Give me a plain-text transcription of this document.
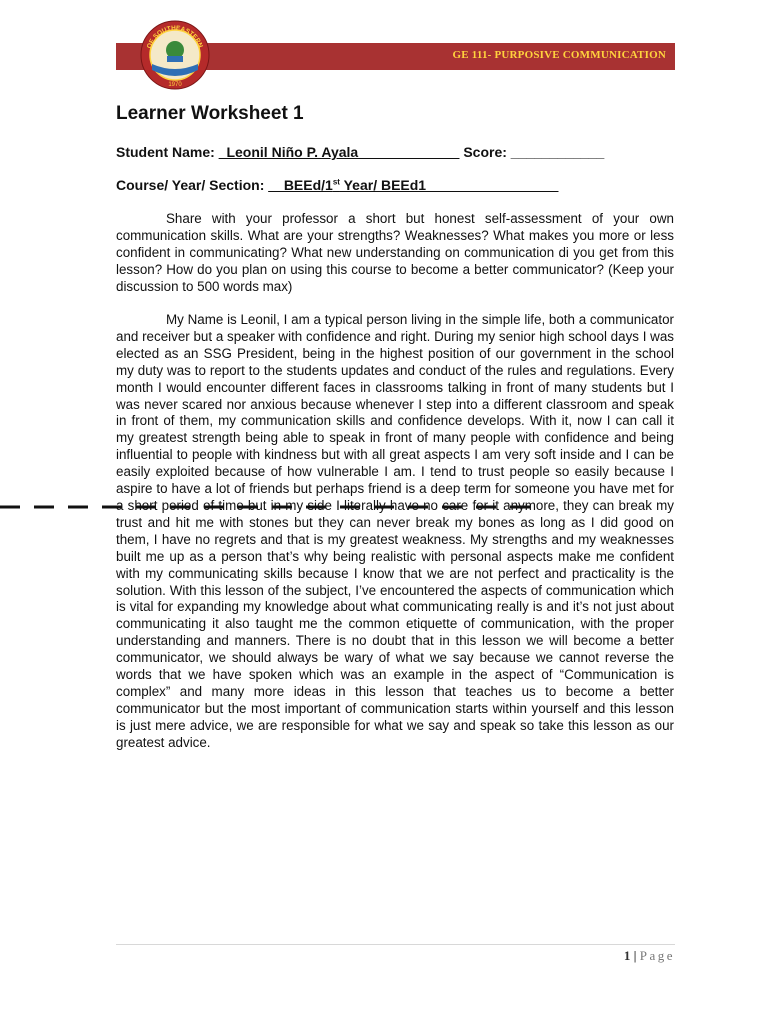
GE 111- PURPOSIVE COMMUNICATION
OF SOUTHEASTERN
1970
Learner Worksheet 1
Student Name: _Leonil Niño P. Ayala_____________ Score: ____________
Course/ Year/ Section: __BEEd/1st Year/ BEEd1_________________

Share with your professor a short but honest self-assessment of your own communication skills. What are your strengths? Weaknesses? What makes you more or less confident in communicating? What new understanding on communication di you get from this lesson? How do you plan on using this course to become a better communicator? (Keep your discussion to 500 words max)

My Name is Leonil, I am a typical person living in the simple life, both a communicator and receiver but a speaker with confidence and right. During my senior high school days I was elected as an SSG President, being in the highest position of our government in the school my duty was to report to the students updates and conduct of the rules and regulations. Every month I would encounter different faces in classrooms talking in front of many students but I was never scared nor anxious because whenever I step into a different classroom and speak in front of them, my communication skills and confidence develops. With it, now I can call it my greatest strength being able to speak in front of many people with confidence and being influential to people with kindness but with all great aspects I am very soft inside and I can be easily exploited because of how vulnerable I am. I tend to trust people so easily because I aspire to have a lot of friends but perhaps friend is a deep term for someone you have met for a short period of time but in my side I literally have no care for it anymore, they can break my trust and hit me with stones but they can never break my bones as long as I did good on them, I have no regrets and that is my greatest weakness. My strengths and my weaknesses built me up as a person that’s why being realistic with personal aspects make me confident with my communicating skills because I know that we are not perfect and practicality is the solution. With this lesson of the subject, I’ve encountered the aspects of communication which is vital for expanding my knowledge about what communicating really is and it’s not just about communicating it also taught me the common etiquette of communication, with the proper understanding and manners. There is no doubt that in this lesson we will become a better communicator, we should always be wary of what we say because we cannot reverse the words that we have spoken which was an example in the aspect of “Communication is complex” and many more ideas in this lesson that teaches us to become a better communicator but the most important of communication starts within yourself and this lesson is just mere advice, we are responsible for what we say and speak so take this lesson as our greatest advice.

1 | Page
